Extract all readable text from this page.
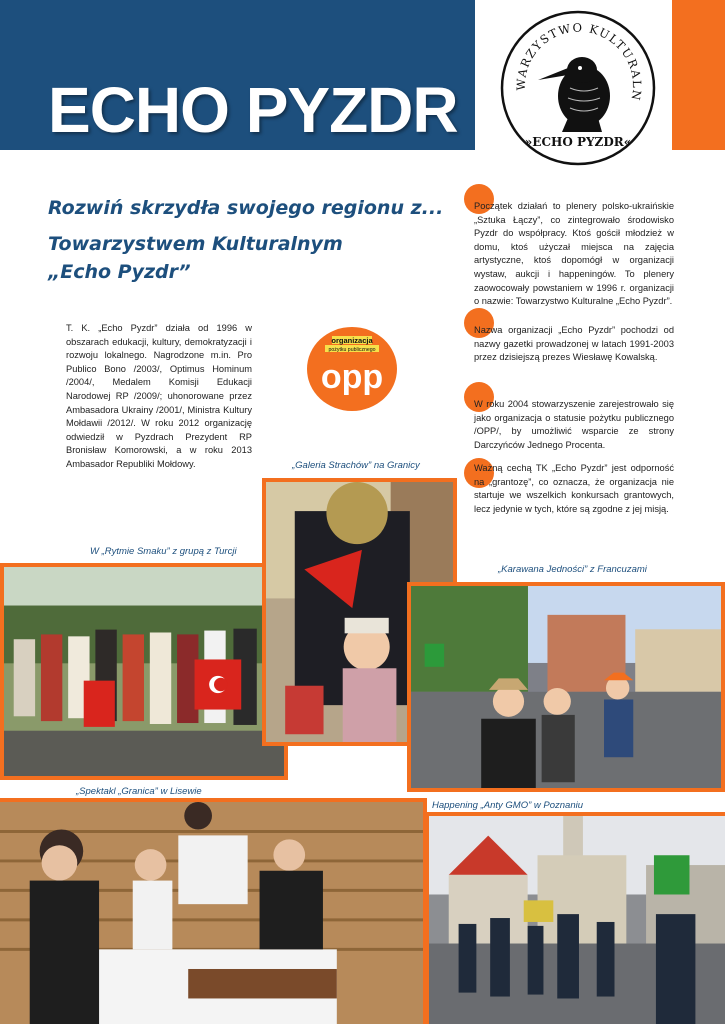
ECHO PYZDR	WARZYSTWO KULTURALN
»ECHO PYZDR«
Rozwiń skrzydła swojego regionu z...
Towarzystwem Kulturalnym
„Echo Pyzdr”
T. K. „Echo Pyzdr” działa od 1996 w obszarach edukacji, kultury, demokratyzacji i rozwoju lokalnego. Nagrodzone m.in. Pro Publico Bono /2003/, Optimus Hominum /2004/, Medalem Komisji Edukacji Narodowej RP /2009/; uhonorowane przez Ambasadora Ukrainy /2001/, Ministra Kultury Mołdawii /2012/. W roku 2012 organizację odwiedził w Pyzdrach Prezydent RP Bronisław Komorowski, a w roku 2013 Ambasador Republiki Mołdowy.
organizacja
pożytku publicznego
opp
Początek działań to plenery polsko-ukraińskie „Sztuka Łączy”, co zintegrowało środowisko Pyzdr do współpracy. Ktoś gościł młodzież w domu, ktoś użyczał miejsca na zajęcia artystyczne, ktoś dopomógł w organizacji wystaw, aukcji i happeningów. To plenery zaowocowały powstaniem w 1996 r. organizacji o nazwie: Towarzystwo Kulturalne „Echo Pyzdr”.
Nazwa organizacji „Echo Pyzdr” pochodzi od nazwy gazetki prowadzonej w latach 1991-2003 przez dzisiejszą prezes Wiesławę Kowalską.
W roku 2004 stowarzyszenie zarejestrowało się jako organizacja o statusie pożytku publicznego /OPP/, by umożliwić wsparcie ze strony Darczyńców Jednego Procenta.
Ważną cechą TK „Echo Pyzdr” jest odporność na „grantozę”, co oznacza, że organizacja nie startuje we wszelkich konkursach grantowych, lecz jedynie w tych, które są zgodne z jej misją.
„Galeria Strachów” na Granicy
W „Rytmie Smaku” z grupą z Turcji
„Karawana Jedności” z Francuzami
„Spektakl „Granica” w Lisewie
Happening „Anty GMO” w Poznaniu
